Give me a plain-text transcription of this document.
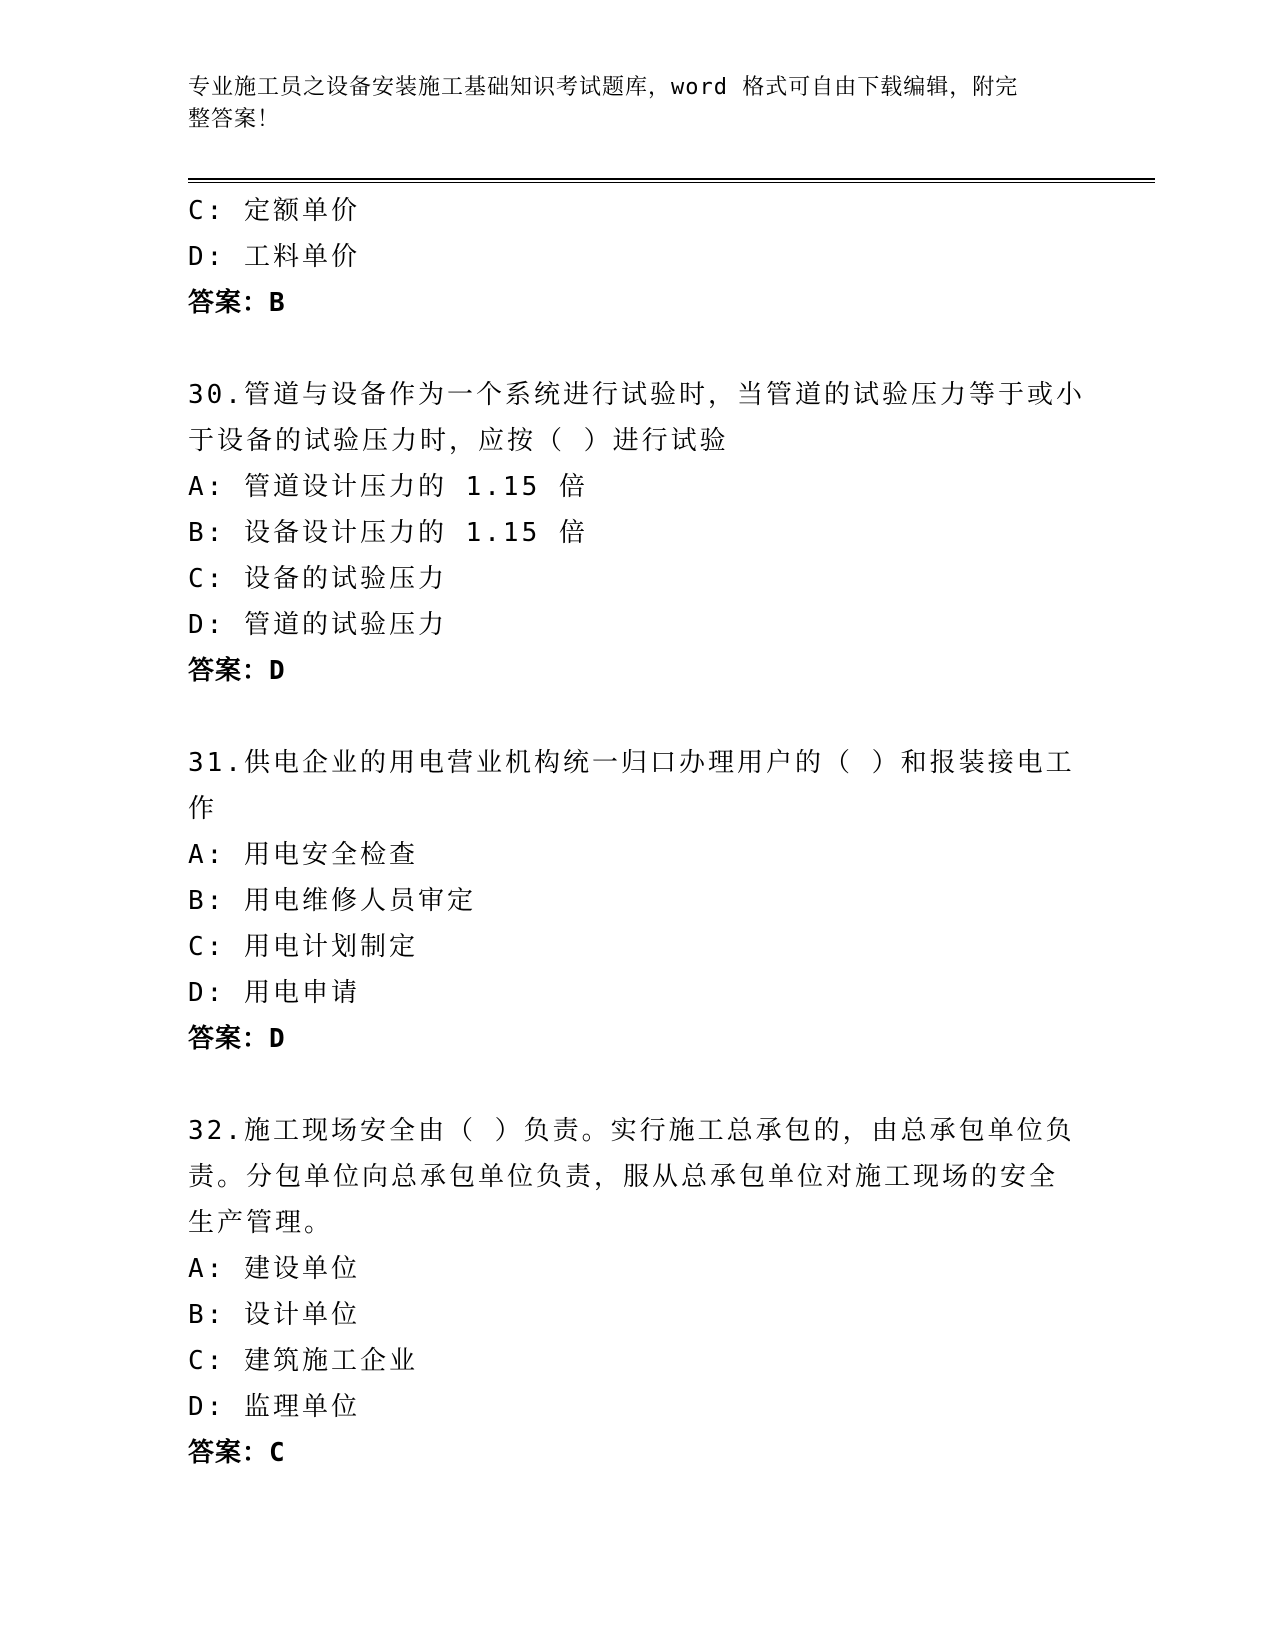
专业施工员之设备安装施工基础知识考试题库，word 格式可自由下载编辑，附完
整答案！
C: 定额单价
D: 工料单价
答案：B
30.管道与设备作为一个系统进行试验时，当管道的试验压力等于或小
于设备的试验压力时，应按（ ）进行试验
A: 管道设计压力的 1.15 倍
B: 设备设计压力的 1.15 倍
C: 设备的试验压力
D: 管道的试验压力
答案：D
31.供电企业的用电营业机构统一归口办理用户的（ ）和报装接电工
作
A: 用电安全检查
B: 用电维修人员审定
C: 用电计划制定
D: 用电申请
答案：D
32.施工现场安全由（ ）负责。实行施工总承包的，由总承包单位负
责。分包单位向总承包单位负责，服从总承包单位对施工现场的安全
生产管理。
A: 建设单位
B: 设计单位
C: 建筑施工企业
D: 监理单位
答案：C
